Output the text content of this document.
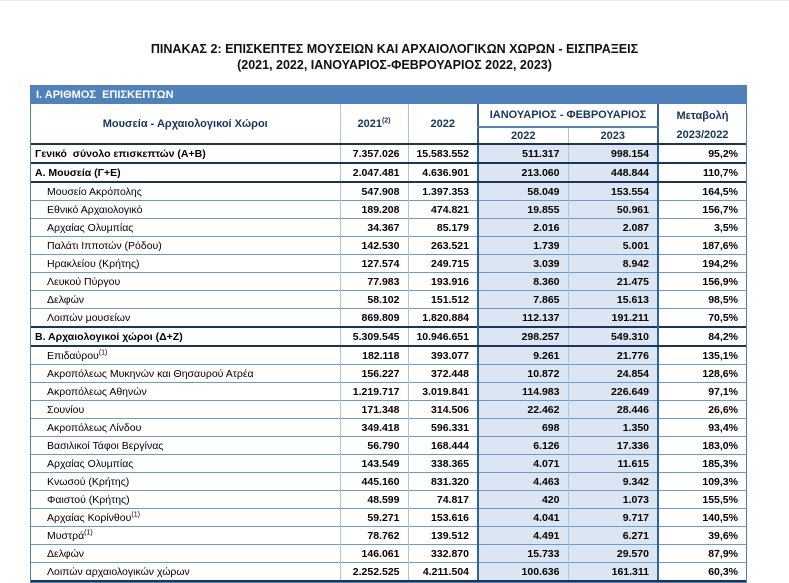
ΠΙΝΑΚΑΣ 2: ΕΠΙΣΚΕΠΤΕΣ ΜΟΥΣΕΙΩΝ ΚΑΙ ΑΡΧΑΙΟΛΟΓΙΚΩΝ ΧΩΡΩΝ - ΕΙΣΠΡΑΞΕΙΣ
(2021, 2022, ΙΑΝΟΥΑΡΙΟΣ-ΦΕΒΡΟΥΑΡΙΟΣ 2022, 2023)
Ι. ΑΡΙΘΜΟΣ  ΕΠΙΣΚΕΠΤΩΝ
Μουσεία - Αρχαιολογικοί Χώροι	2021$^{(2)}$	2022	ΙΑΝΟΥΑΡΙΟΣ - ΦΕΒΡΟΥΑΡΙΟΣ		Μεταβολή
			2022	2023	2023/2022
Γενικό  σύνολο επισκεπτών (Α+Β)	7.357.026	15.583.552	511.317	998.154	95,2%
Α. Μουσεία (Γ+Ε)	2.047.481	4.636.901	213.060	448.844	110,7%
Μουσείο Ακρόπολης	547.908	1.397.353	58.049	153.554	164,5%
Εθνικό Αρχαιολογικό	189.208	474.821	19.855	50.961	156,7%
Αρχαίας Ολυμπίας	34.367	85.179	2.016	2.087	3,5%
Παλάτι Ιπποτών (Ρόδου)	142.530	263.521	1.739	5.001	187,6%
Ηρακλείου (Κρήτης)	127.574	249.715	3.039	8.942	194,2%
Λευκού Πύργου	77.983	193.916	8.360	21.475	156,9%
Δελφών	58.102	151.512	7.865	15.613	98,5%
Λοιπών μουσείων	869.809	1.820.884	112.137	191.211	70,5%
Β. Αρχαιολογικοί χώροι (Δ+Ζ)	5.309.545	10.946.651	298.257	549.310	84,2%
Επιδαύρου$^{(1)}$	182.118	393.077	9.261	21.776	135,1%
Ακροπόλεως Μυκηνών και Θησαυρού Ατρέα	156.227	372.448	10.872	24.854	128,6%
Ακροπόλεως Αθηνών	1.219.717	3.019.841	114.983	226.649	97,1%
Σουνίου	171.348	314.506	22.462	28.446	26,6%
Ακροπόλεως Λίνδου	349.418	596.331	698	1.350	93,4%
Βασιλικοί Τάφοι Βεργίνας	56.790	168.444	6.126	17.336	183,0%
Αρχαίας Ολυμπίας	143.549	338.365	4.071	11.615	185,3%
Κνωσού (Κρήτης)	445.160	831.320	4.463	9.342	109,3%
Φαιστού (Κρήτης)	48.599	74.817	420	1.073	155,5%
Αρχαίας Κορίνθου$^{(1)}$	59.271	153.616	4.041	9.717	140,5%
Μυστρά$^{(1)}$	78.762	139.512	4.491	6.271	39,6%
Δελφών	146.061	332.870	15.733	29.570	87,9%
Λοιπών αρχαιολογικών χώρων	2.252.525	4.211.504	100.636	161.311	60,3%
